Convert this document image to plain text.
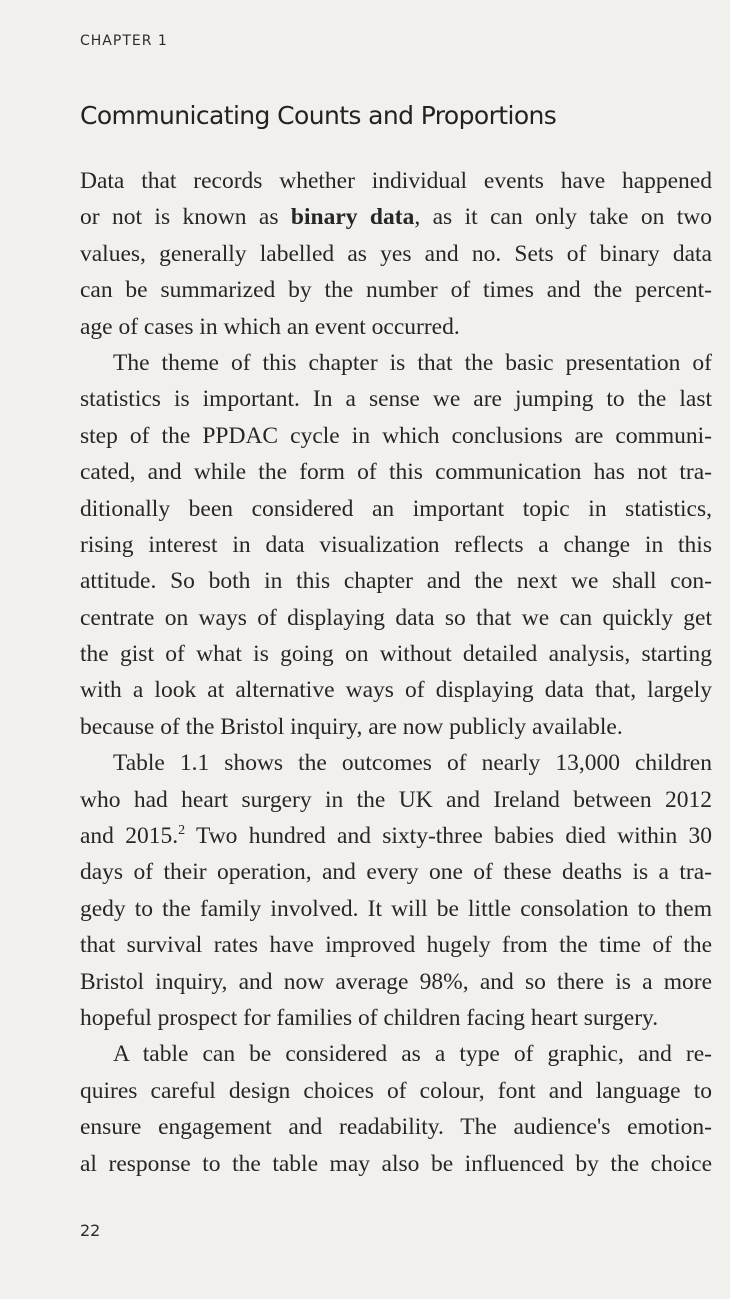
CHAPTER 1
Communicating Counts and Proportions
Data that records whether individual events have happened
or not is known as binary data, as it can only take on two
values, generally labelled as yes and no. Sets of binary data
can be summarized by the number of times and the percent-
age of cases in which an event occurred.
The theme of this chapter is that the basic presentation of
statistics is important. In a sense we are jumping to the last
step of the PPDAC cycle in which conclusions are communi-
cated, and while the form of this communication has not tra-
ditionally been considered an important topic in statistics,
rising interest in data visualization reflects a change in this
attitude. So both in this chapter and the next we shall con-
centrate on ways of displaying data so that we can quickly get
the gist of what is going on without detailed analysis, starting
with a look at alternative ways of displaying data that, largely
because of the Bristol inquiry, are now publicly available.
Table 1.1 shows the outcomes of nearly 13,000 children
who had heart surgery in the UK and Ireland between 2012
and 2015.$^2$ Two hundred and sixty-three babies died within 30
days of their operation, and every one of these deaths is a tra-
gedy to the family involved. It will be little consolation to them
that survival rates have improved hugely from the time of the
Bristol inquiry, and now average 98%, and so there is a more
hopeful prospect for families of children facing heart surgery.
A table can be considered as a type of graphic, and re-
quires careful design choices of colour, font and language to
ensure engagement and readability. The audience's emotion-
al response to the table may also be influenced by the choice
22
